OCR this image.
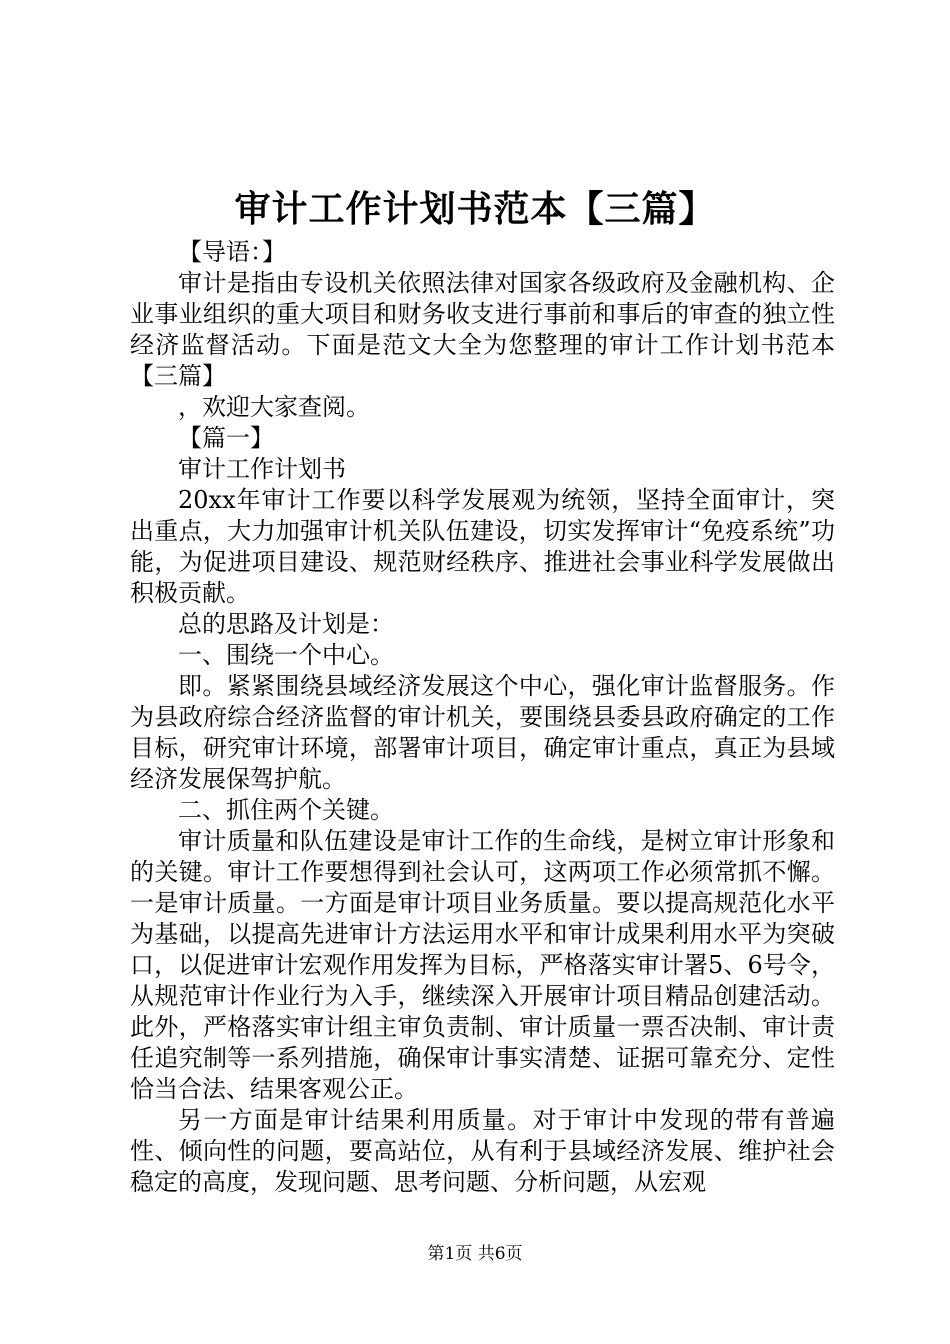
审计工作计划书范本【三篇】

【导语：】

审计是指由专设机关依照法律对国家各级政府及金融机构、企业事业组织的重大项目和财务收支进行事前和事后的审查的独立性经济监督活动。下面是范文大全为您整理的审计工作计划书范本【三篇】

，欢迎大家查阅。

【篇一】

审计工作计划书

20xx年审计工作要以科学发展观为统领，坚持全面审计，突出重点，大力加强审计机关队伍建设，切实发挥审计“免疫系统”功能，为促进项目建设、规范财经秩序、推进社会事业科学发展做出积极贡献。

总的思路及计划是：

一、围绕一个中心。

即。紧紧围绕县域经济发展这个中心，强化审计监督服务。作为县政府综合经济监督的审计机关，要围绕县委县政府确定的工作目标，研究审计环境，部署审计项目，确定审计重点，真正为县域经济发展保驾护航。

二、抓住两个关键。

审计质量和队伍建设是审计工作的生命线，是树立审计形象和的关键。审计工作要想得到社会认可，这两项工作必须常抓不懈。一是审计质量。一方面是审计项目业务质量。要以提高规范化水平为基础，以提高先进审计方法运用水平和审计成果利用水平为突破口，以促进审计宏观作用发挥为目标，严格落实审计署5、6号令，从规范审计作业行为入手，继续深入开展审计项目精品创建活动。此外，严格落实审计组主审负责制、审计质量一票否决制、审计责任追究制等一系列措施，确保审计事实清楚、证据可靠充分、定性恰当合法、结果客观公正。

另一方面是审计结果利用质量。对于审计中发现的带有普遍性、倾向性的问题，要高站位，从有利于县域经济发展、维护社会稳定的高度，发现问题、思考问题、分析问题，从宏观

第1页 共6页
